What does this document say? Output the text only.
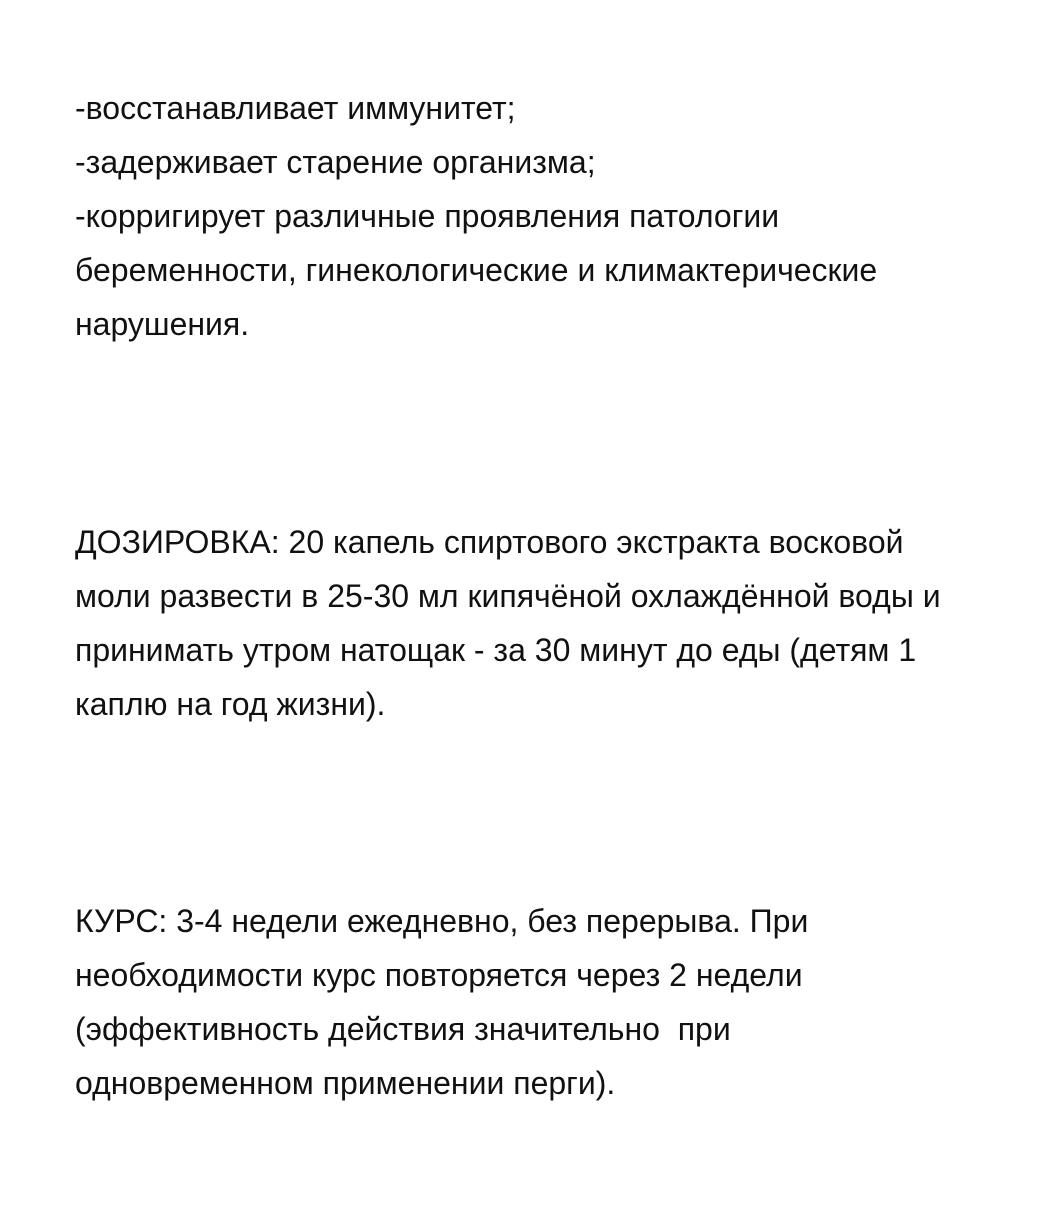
-восстанавливает иммунитет;
-задерживает старение организма;
-корригирует различные проявления патологии
беременности, гинекологические и климактерические
нарушения.
ДОЗИРОВКА: 20 капель спиртового экстракта восковой
моли развести в 25-30 мл кипячёной охлаждённой воды и
принимать утром натощак - за 30 минут до еды (детям 1
каплю на год жизни).
КУРС: 3-4 недели ежедневно, без перерыва. При
необходимости курс повторяется через 2 недели
(эффективность действия значительно  при
одновременном применении перги).
